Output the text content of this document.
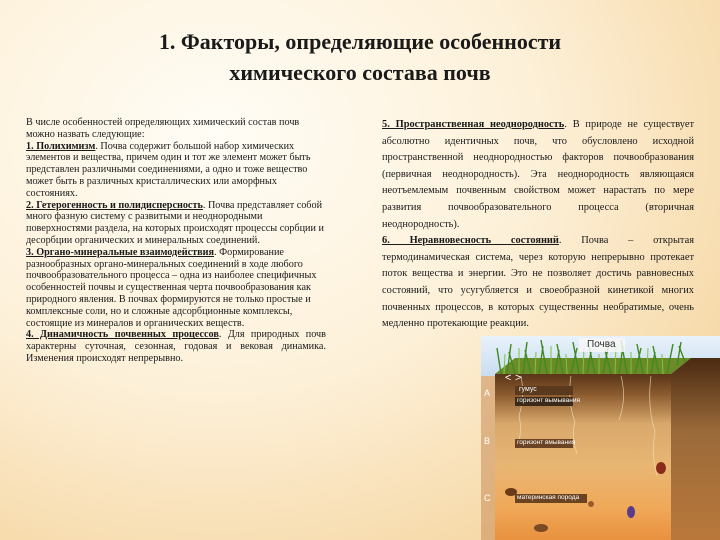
1. Факторы, определяющие особенности
химического состава почв

В числе особенностей определяющих химический состав почв можно назвать следующие:

1. Полихимизм. Почва содержит большой набор химических элементов и вещества, причем один и тот же элемент может быть представлен различными соединениями, а одно и тоже вещество может быть в различных кристаллических или аморфных состояниях.

2. Гетерогенность и полидисперсность. Почва представляет собой много фазную систему с развитыми и неоднородными поверхностями раздела, на которых происходят процессы сорбции и десорбции органических и минеральных соединений.

3. Органо-минеральные взаимодействия. Формирование разнообразных органо-минеральных соединений в ходе любого почвообразовательного процесса – одна из наиболее специфичных особенностей почвы и существенная черта почвообразования как природного явления. В почвах формируются не только простые и комплексные соли, но и сложные адсорбционные комплексы, состоящие из минералов и органических веществ.

4. Динамичность почвенных процессов. Для природных почв характерны суточная, сезонная, годовая и вековая динамика. Изменения происходят непрерывно.

5. Пространственная неоднородность. В природе не существует абсолютно идентичных почв, что обусловлено исходной пространственной неоднородностью факторов почвообразования (первичная неоднородность). Эта неоднородность являющаяся неотъемлемым почвенным свойством может нарастать по мере развития почвообразовательного процесса (вторичная неоднородность).

6. Неравновесность состояний. Почва – открытая термодинамическая система, через которую непрерывно протекает поток вещества и энергии. Это не позволяет достичь равновесных состояний, что усугубляется и своеобразной кинетикой многих почвенных процессов, в которых существенны необратимые, очень медленно протекающие реакции.

Почва
гумус
горизонт вымывания
горизонт вмывания
материнская порода
A
B
C
< >
